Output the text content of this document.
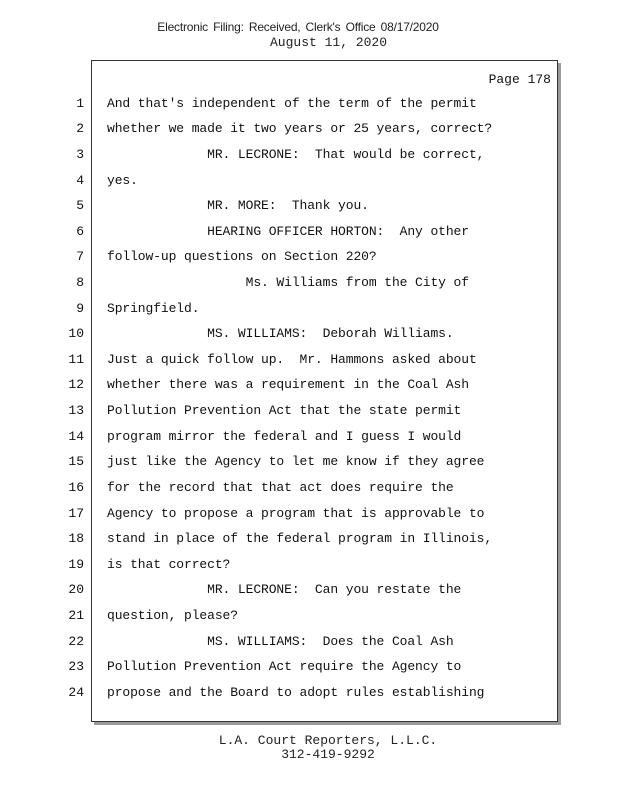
Electronic Filing: Received, Clerk's Office 08/17/2020
August 11, 2020
Page 178
1 And that's independent of the term of the permit
2 whether we made it two years or 25 years, correct?
3 MR. LECRONE:  That would be correct,
4 yes.
5 MR. MORE:  Thank you.
6 HEARING OFFICER HORTON:  Any other
7 follow-up questions on Section 220?
8 Ms. Williams from the City of
9 Springfield.
10 MS. WILLIAMS:  Deborah Williams.
11 Just a quick follow up.  Mr. Hammons asked about
12 whether there was a requirement in the Coal Ash
13 Pollution Prevention Act that the state permit
14 program mirror the federal and I guess I would
15 just like the Agency to let me know if they agree
16 for the record that that act does require the
17 Agency to propose a program that is approvable to
18 stand in place of the federal program in Illinois,
19 is that correct?
20 MR. LECRONE:  Can you restate the
21 question, please?
22 MS. WILLIAMS:  Does the Coal Ash
23 Pollution Prevention Act require the Agency to
24 propose and the Board to adopt rules establishing
L.A. Court Reporters, L.L.C.
312-419-9292
